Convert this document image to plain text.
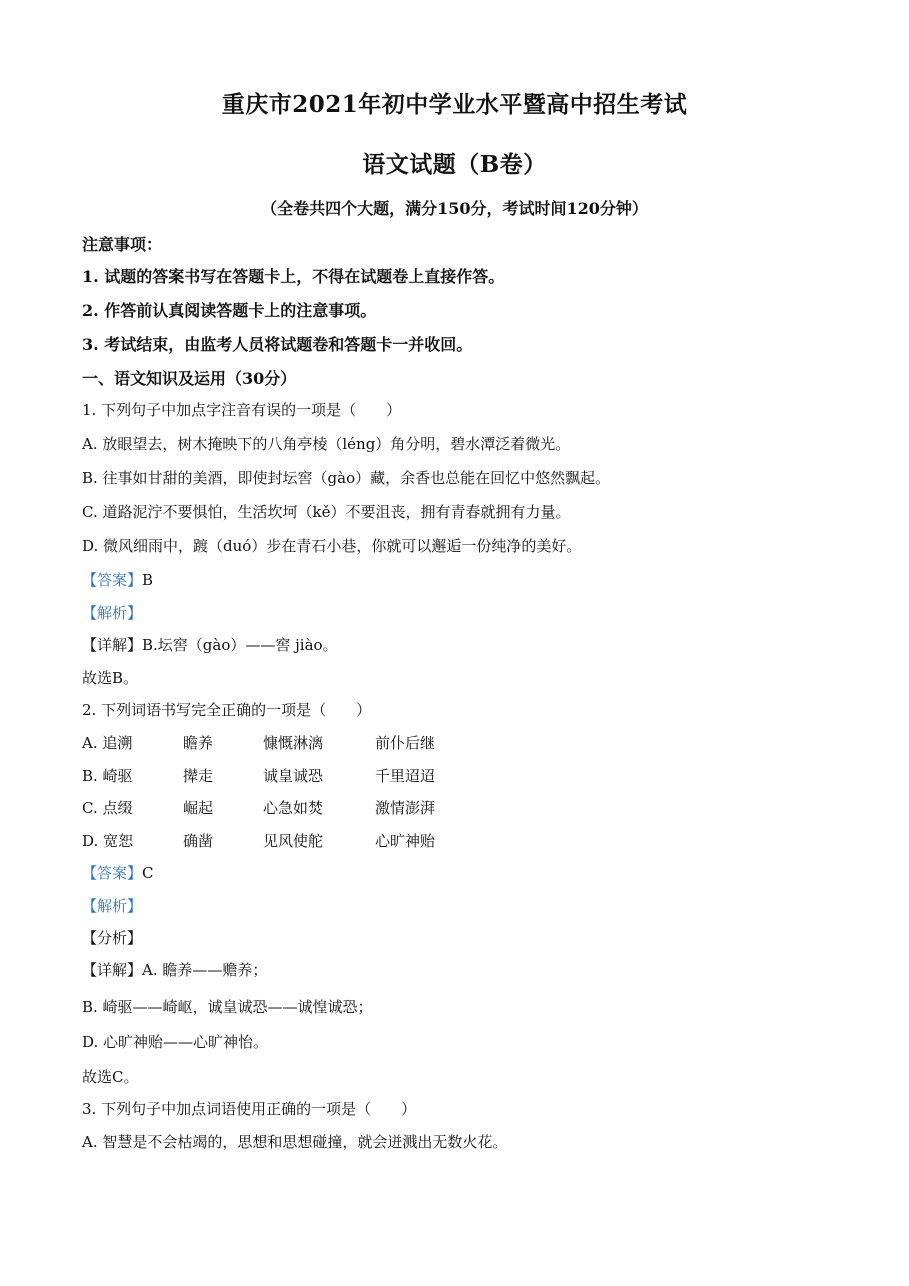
重庆市2021年初中学业水平暨高中招生考试
语文试题（B卷）
（全卷共四个大题，满分150分，考试时间120分钟）
注意事项：
1. 试题的答案书写在答题卡上，不得在试题卷上直接作答。
2. 作答前认真阅读答题卡上的注意事项。
3. 考试结束，由监考人员将试题卷和答题卡一并收回。
一、语文知识及运用（30分）
1. 下列句子中加点字注音有误的一项是（　　）
A. 放眼望去，树木掩映下的八角亭棱（léng）角分明，碧水潭泛着微光。
B. 往事如甘甜的美酒，即使封坛窖（gào）藏，余香也总能在回忆中悠然飘起。
C. 道路泥泞不要惧怕，生活坎坷（kě）不要沮丧，拥有青春就拥有力量。
D. 微风细雨中，踱（duó）步在青石小巷，你就可以邂逅一份纯净的美好。
【答案】B
【解析】
【详解】B.坛窖（gào）——窖 jiào。
故选B。
2. 下列词语书写完全正确的一项是（　　）
A. 追溯	瞻养	慷慨淋漓	前仆后继
B. 崎驱	撵走	诚皇诚恐	千里迢迢
C. 点缀	崛起	心急如焚	激情澎湃
D. 宽恕	确凿	见风使舵	心旷神贻
【答案】C
【解析】
【分析】
【详解】A. 瞻养——赡养；
B. 崎驱——崎岖，诚皇诚恐——诚惶诚恐；
D. 心旷神贻——心旷神怡。
故选C。
3. 下列句子中加点词语使用正确的一项是（　　）
A. 智慧是不会枯竭的，思想和思想碰撞，就会迸溅出无数火花。
